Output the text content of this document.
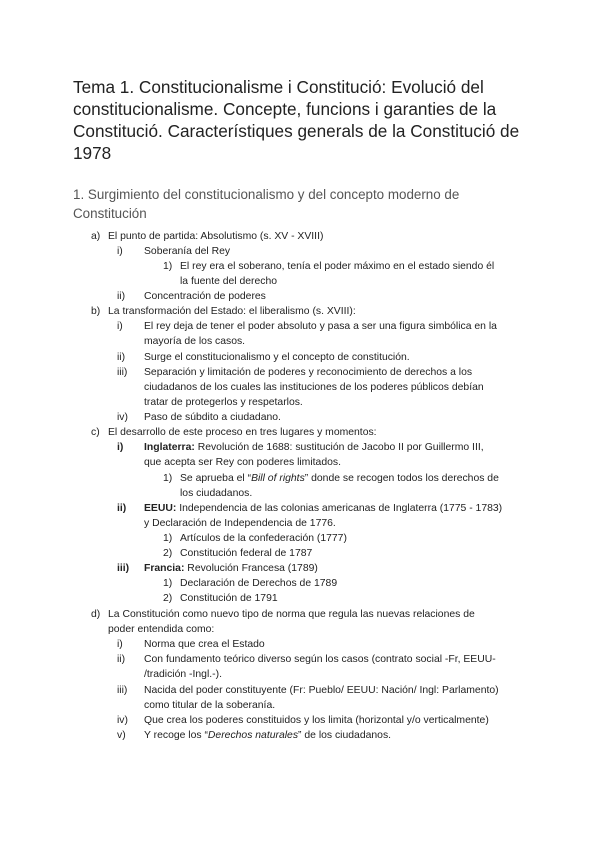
Tema 1. Constitucionalisme i Constitució: Evolució del constitucionalisme. Concepte, funcions i garanties de la Constitució. Característiques generals de la Constitució de 1978
1. Surgimiento del constitucionalismo y del concepto moderno de Constitución
a) El punto de partida: Absolutismo (s. XV - XVIII)
i) Soberanía del Rey
1) El rey era el soberano, tenía el poder máximo en el estado siendo él
la fuente del derecho
ii) Concentración de poderes
b) La transformación del Estado: el liberalismo (s. XVIII):
i) El rey deja de tener el poder absoluto y pasa a ser una figura simbólica en la
mayoría de los casos.
ii) Surge el constitucionalismo y el concepto de constitución.
iii) Separación y limitación de poderes y reconocimiento de derechos a los
ciudadanos de los cuales las instituciones de los poderes públicos debían
tratar de protegerlos y respetarlos.
iv) Paso de súbdito a ciudadano.
c) El desarrollo de este proceso en tres lugares y momentos:
i) Inglaterra: Revolución de 1688: sustitución de Jacobo II por Guillermo III,
que acepta ser Rey con poderes limitados.
1) Se aprueba el “Bill of rights” donde se recogen todos los derechos de
los ciudadanos.
ii) EEUU: Independencia de las colonias americanas de Inglaterra (1775 - 1783)
y Declaración de Independencia de 1776.
1) Artículos de la confederación (1777)
2) Constitución federal de 1787
iii) Francia: Revolución Francesa (1789)
1) Declaración de Derechos de 1789
2) Constitución de 1791
d) La Constitución como nuevo tipo de norma que regula las nuevas relaciones de
poder entendida como:
i) Norma que crea el Estado
ii) Con fundamento teórico diverso según los casos (contrato social -Fr, EEUU-
/tradición -Ingl.-).
iii) Nacida del poder constituyente (Fr: Pueblo/ EEUU: Nación/ Ingl: Parlamento)
como titular de la soberanía.
iv) Que crea los poderes constituidos y los limita (horizontal y/o verticalmente)
v) Y recoge los “Derechos naturales” de los ciudadanos.
